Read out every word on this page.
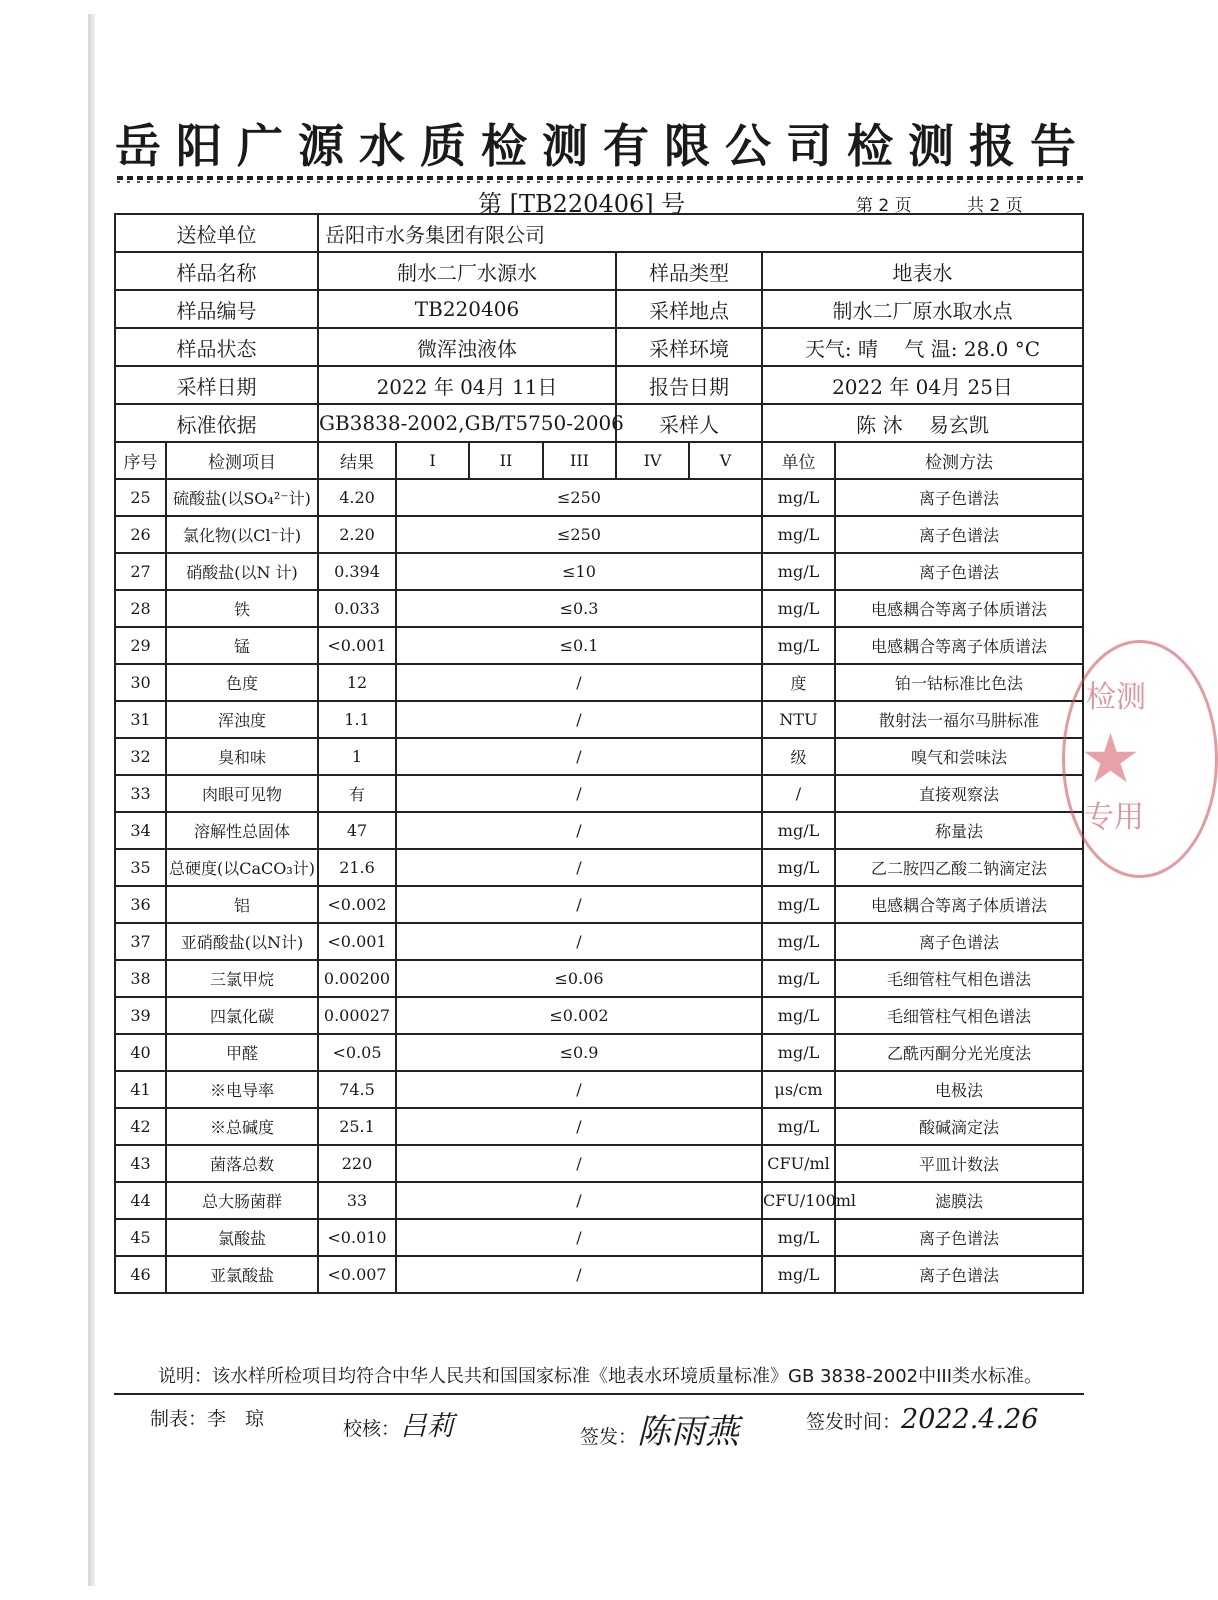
岳阳广源水质检测有限公司检测报告
第 [TB220406] 号	第 2 页	共 2 页
送检单位		岳阳市水务集团有限公司							
样品名称		制水二厂水源水				样品类型		地表水	
样品编号		TB220406				采样地点		制水二厂原水取水点	
样品状态		微浑浊液体				采样环境		天气: 晴　 气 温: 28.0 °C	
采样日期		2022 年 04月 11日				报告日期		2022 年 04月 25日	
标准依据		GB3838-2002,GB/T5750-2006				采样人		陈 沐　 易玄凯	
序号	检测项目	结果	I	II	III	IV	V	单位	检测方法
25	硫酸盐(以SO₄²⁻计)	4.20	≤250					mg/L	离子色谱法
26	氯化物(以Cl⁻计)	2.20	≤250					mg/L	离子色谱法
27	硝酸盐(以N 计)	0.394	≤10					mg/L	离子色谱法
28	铁	0.033	≤0.3					mg/L	电感耦合等离子体质谱法
29	锰	<0.001	≤0.1					mg/L	电感耦合等离子体质谱法
30	色度	12	/					度	铂一钴标准比色法
31	浑浊度	1.1	/					NTU	散射法一福尔马肼标准
32	臭和味	1	/					级	嗅气和尝味法
33	肉眼可见物	有	/					/	直接观察法
34	溶解性总固体	47	/					mg/L	称量法
35	总硬度(以CaCO₃计)	21.6	/					mg/L	乙二胺四乙酸二钠滴定法
36	铝	<0.002	/					mg/L	电感耦合等离子体质谱法
37	亚硝酸盐(以N计)	<0.001	/					mg/L	离子色谱法
38	三氯甲烷	0.00200	≤0.06					mg/L	毛细管柱气相色谱法
39	四氯化碳	0.00027	≤0.002					mg/L	毛细管柱气相色谱法
40	甲醛	<0.05	≤0.9					mg/L	乙酰丙酮分光光度法
41	※电导率	74.5	/					μs/cm	电极法
42	※总碱度	25.1	/					mg/L	酸碱滴定法
43	菌落总数	220	/					CFU/ml	平皿计数法
44	总大肠菌群	33	/					CFU/100ml	滤膜法
45	氯酸盐	<0.010	/					mg/L	离子色谱法
46	亚氯酸盐	<0.007	/					mg/L	离子色谱法
检测
★
专用
说明：该水样所检项目均符合中华人民共和国国家标准《地表水环境质量标准》GB 3838-2002中III类水标准。
制表：李　琼	校核：吕莉	签发：陈雨燕	签发时间：2022.4.26
